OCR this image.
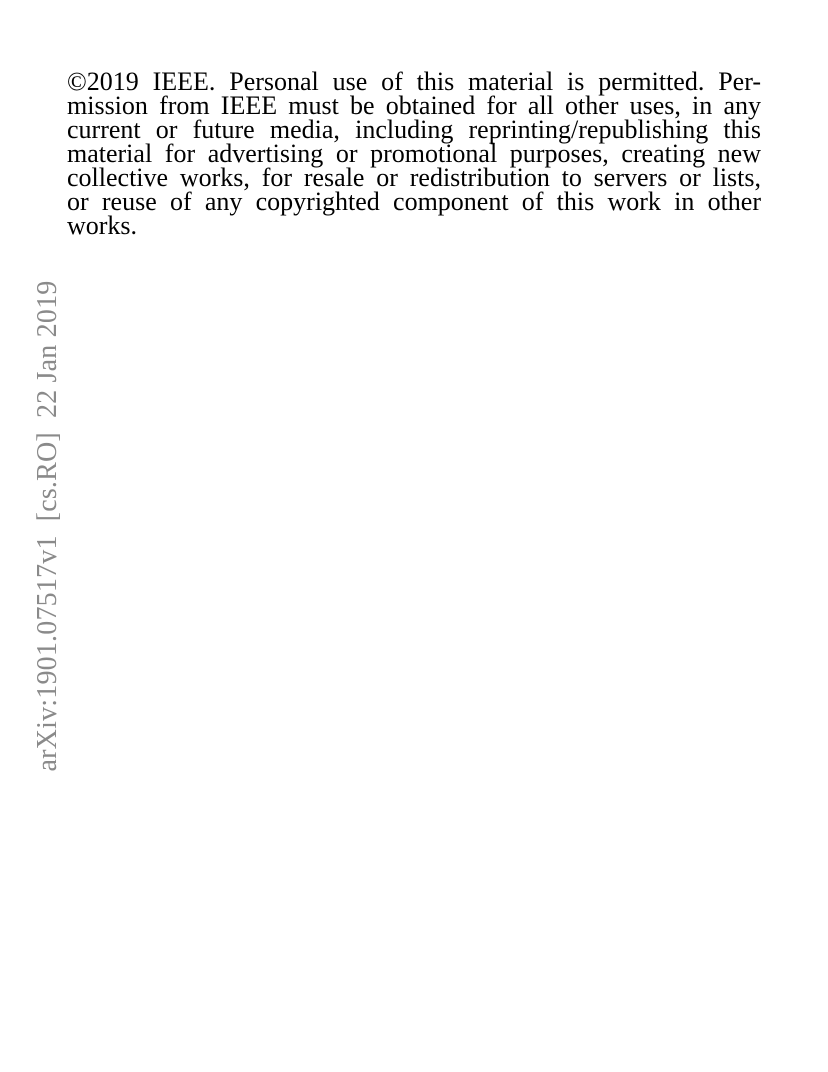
©2019 IEEE. Personal use of this material is permitted. Per-
mission from IEEE must be obtained for all other uses, in any
current or future media, including reprinting/republishing this
material for advertising or promotional purposes, creating new
collective works, for resale or redistribution to servers or lists,
or reuse of any copyrighted component of this work in other
works.

arXiv:1901.07517v1[cs.RO]22 Jan 2019
